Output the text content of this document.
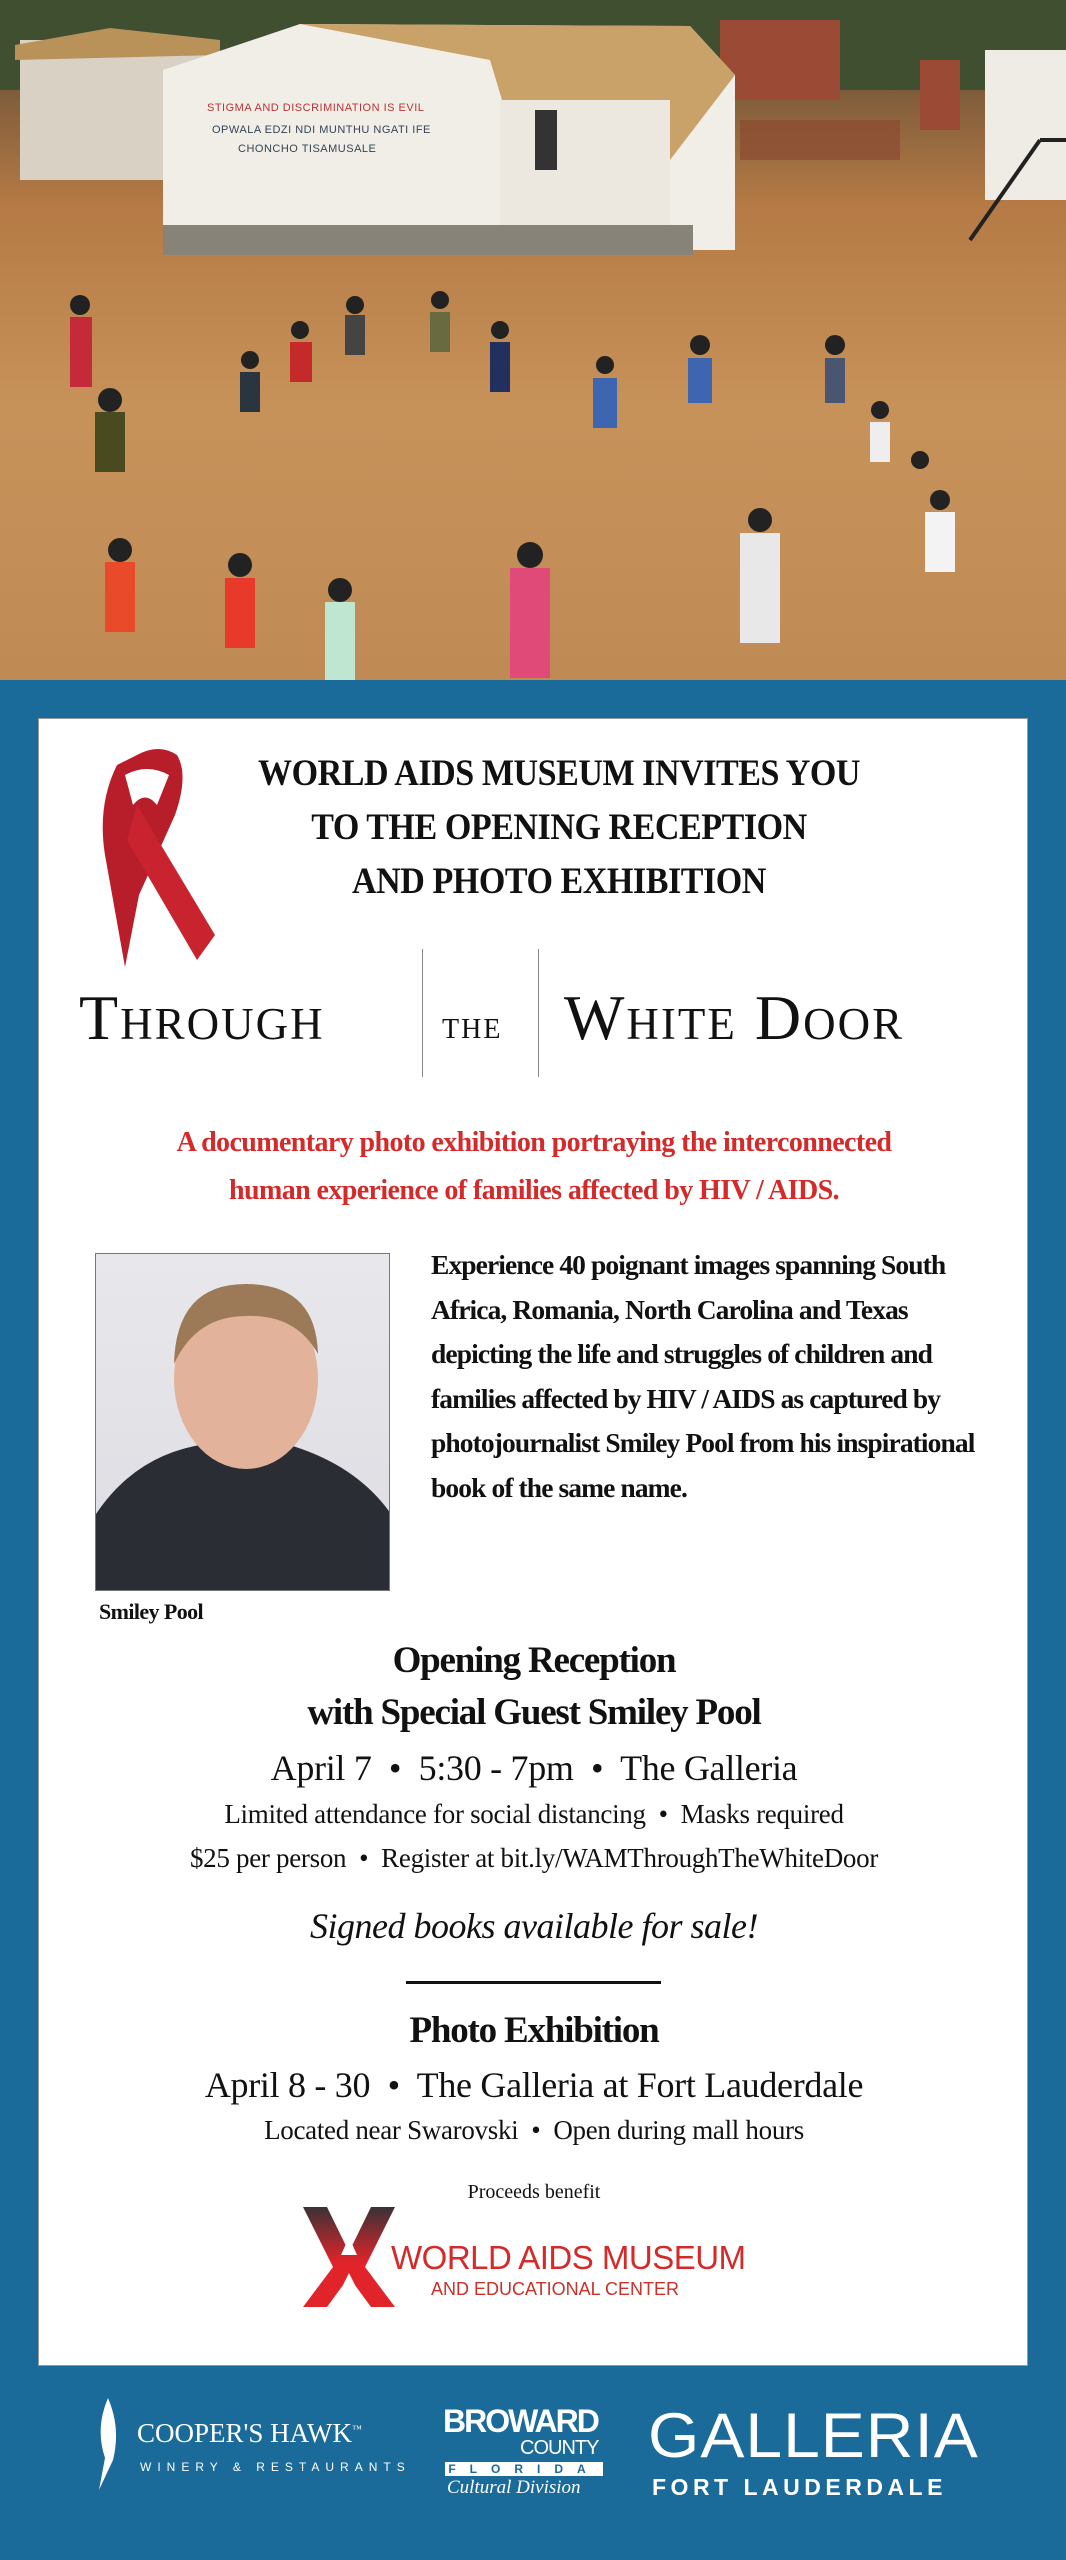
STIGMA AND DISCRIMINATION IS EVIL
OPWALA EDZI NDI MUNTHU NGATI IFE
CHONCHO TISAMUSALE
WORLD AIDS MUSEUM INVITES YOU
TO THE OPENING RECEPTION
AND PHOTO EXHIBITION
Through	the White Door
A documentary photo exhibition portraying the interconnected
human experience of families affected by HIV / AIDS.
Smiley Pool
Experience 40 poignant images spanning South Africa, Romania, North Carolina and Texas depicting the life and struggles of children and families affected by HIV / AIDS as captured by photojournalist Smiley Pool from his inspirational book of the same name.
Opening Reception
with Special Guest Smiley Pool
April 7  •  5:30 - 7pm  •  The Galleria
Limited attendance for social distancing  •  Masks required
$25 per person  •  Register at bit.ly/WAMThroughTheWhiteDoor
Signed books available for sale!
Photo Exhibition
April 8 - 30  •  The Galleria at Fort Lauderdale
Located near Swarovski  •  Open during mall hours
Proceeds benefit
WORLD AIDS MUSEUM
AND EDUCATIONAL CENTER
COOPER'S HAWK™
WINERY & RESTAURANTS
BROWARD
COUNTY
FLORIDA
Cultural Division
GALLERIA
FORT LAUDERDALE
